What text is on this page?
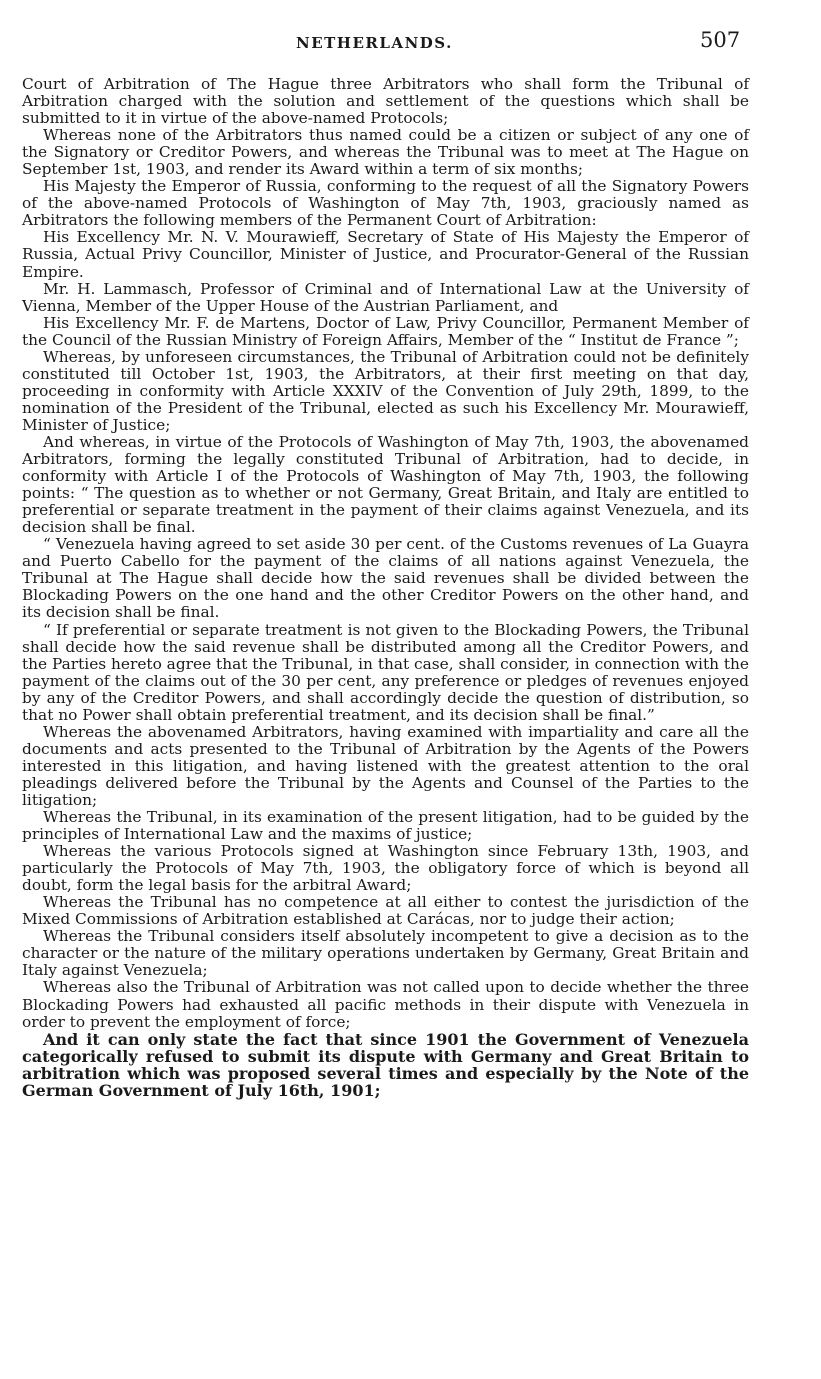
NETHERLANDS.	507

Court of Arbitration of The Hague three Arbitrators who shall form the Tribunal of Arbitration charged with the solution and settlement of the questions which shall be submitted to it in virtue of the above-named Protocols;

Whereas none of the Arbitrators thus named could be a citizen or subject of any one of the Signatory or Creditor Powers, and whereas the Tribunal was to meet at The Hague on September 1st, 1903, and render its Award within a term of six months;

His Majesty the Emperor of Russia, conforming to the request of all the Signatory Powers of the above-named Protocols of Washington of May 7th, 1903, graciously named as Arbitrators the following members of the Permanent Court of Arbitration:

His Excellency Mr. N. V. Mourawieff, Secretary of State of His Majesty the Emperor of Russia, Actual Privy Councillor, Minister of Justice, and Procurator-General of the Russian Empire.

Mr. H. Lammasch, Professor of Criminal and of International Law at the University of Vienna, Member of the Upper House of the Austrian Parliament, and

His Excellency Mr. F. de Martens, Doctor of Law, Privy Councillor, Permanent Member of the Council of the Russian Ministry of Foreign Affairs, Member of the “ Institut de France ”;

Whereas, by unforeseen circumstances, the Tribunal of Arbitration could not be definitely constituted till October 1st, 1903, the Arbitrators, at their first meeting on that day, proceeding in conformity with Article XXXIV of the Convention of July 29th, 1899, to the nomination of the President of the Tribunal, elected as such his Excellency Mr. Mourawieff, Minister of Justice;

And whereas, in virtue of the Protocols of Washington of May 7th, 1903, the abovenamed Arbitrators, forming the legally constituted Tribunal of Arbitration, had to decide, in conformity with Article I of the Protocols of Washington of May 7th, 1903, the following points: “ The question as to whether or not Germany, Great Britain, and Italy are entitled to preferential or separate treatment in the payment of their claims against Venezuela, and its decision shall be final.

“ Venezuela having agreed to set aside 30 per cent. of the Customs revenues of La Guayra and Puerto Cabello for the payment of the claims of all nations against Venezuela, the Tribunal at The Hague shall decide how the said revenues shall be divided between the Blockading Powers on the one hand and the other Creditor Powers on the other hand, and its decision shall be final.

“ If preferential or separate treatment is not given to the Blockading Powers, the Tribunal shall decide how the said revenue shall be distributed among all the Creditor Powers, and the Parties hereto agree that the Tribunal, in that case, shall consider, in connection with the payment of the claims out of the 30 per cent, any preference or pledges of revenues enjoyed by any of the Creditor Powers, and shall accordingly decide the question of distribution, so that no Power shall obtain preferential treatment, and its decision shall be final.”

Whereas the abovenamed Arbitrators, having examined with impartiality and care all the documents and acts presented to the Tribunal of Arbitration by the Agents of the Powers interested in this litigation, and having listened with the greatest attention to the oral pleadings delivered before the Tribunal by the Agents and Counsel of the Parties to the litigation;

Whereas the Tribunal, in its examination of the present litigation, had to be guided by the principles of International Law and the maxims of justice;

Whereas the various Protocols signed at Washington since February 13th, 1903, and particularly the Protocols of May 7th, 1903, the obligatory force of which is beyond all doubt, form the legal basis for the arbitral Award;

Whereas the Tribunal has no competence at all either to contest the jurisdiction of the Mixed Commissions of Arbitration established at Carácas, nor to judge their action;

Whereas the Tribunal considers itself absolutely incompetent to give a decision as to the character or the nature of the military operations undertaken by Germany, Great Britain and Italy against Venezuela;

Whereas also the Tribunal of Arbitration was not called upon to decide whether the three Blockading Powers had exhausted all pacific methods in their dispute with Venezuela in order to prevent the employment of force;

And it can only state the fact that since 1901 the Government of Venezuela categorically refused to submit its dispute with Germany and Great Britain to arbitration which was proposed several times and especially by the Note of the German Government of July 16th, 1901;
